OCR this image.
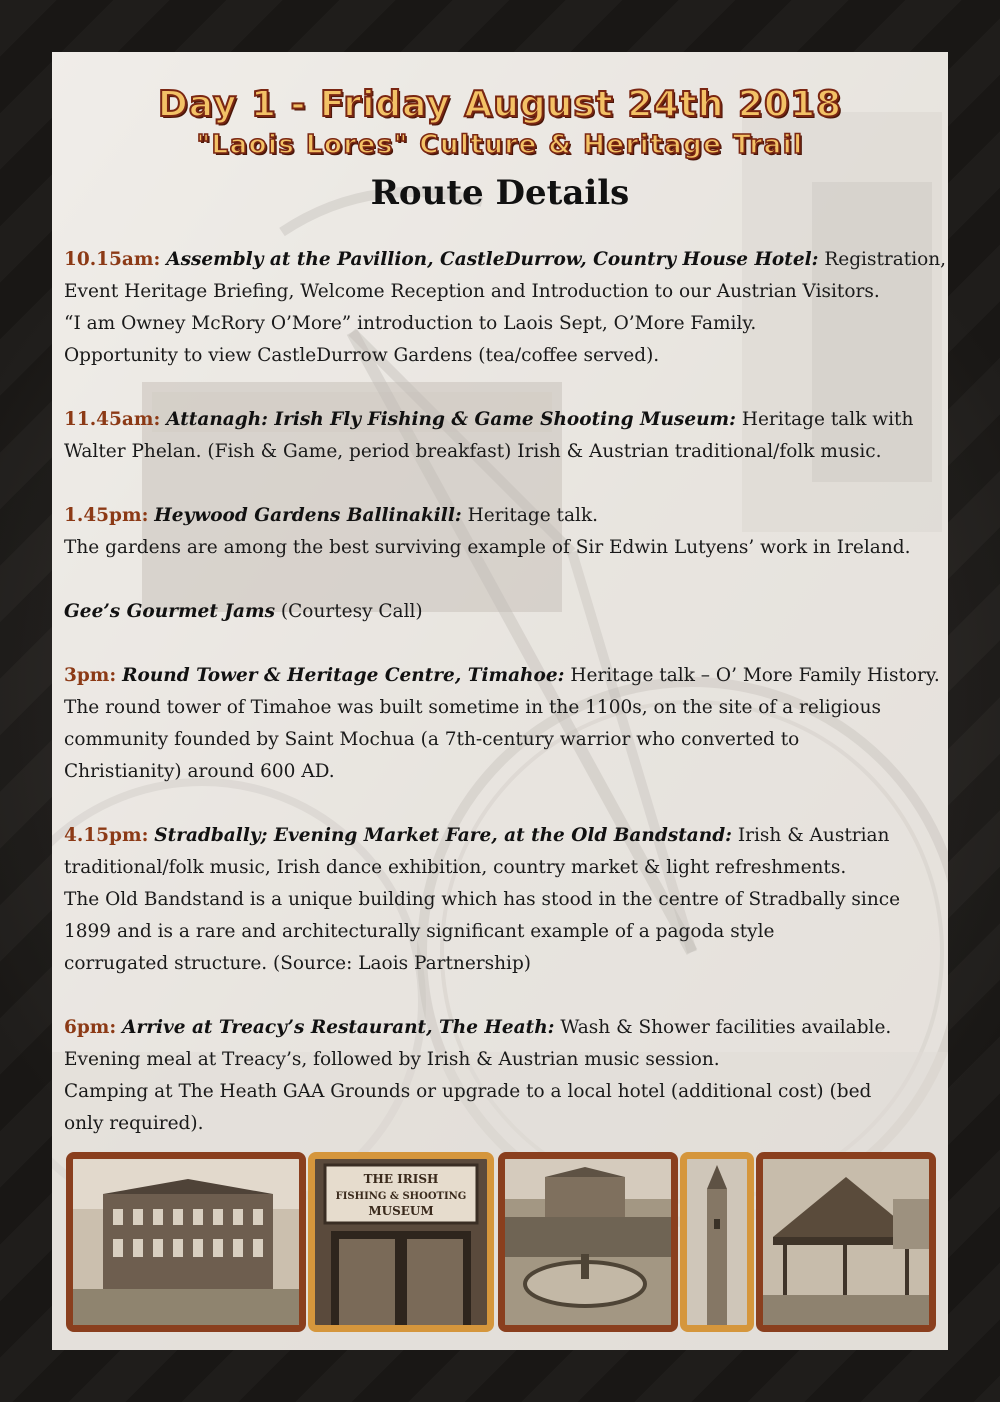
Day 1 - Friday August 24th 2018
"Laois Lores" Culture & Heritage Trail
Route Details
10.15am: Assembly at the Pavillion, CastleDurrow, Country House Hotel: Registration,
Event Heritage Briefing, Welcome Reception and Introduction to our Austrian Visitors.
“I am Owney McRory O’More” introduction to Laois Sept, O’More Family.
Opportunity to view CastleDurrow Gardens (tea/coffee served).
11.45am: Attanagh: Irish Fly Fishing & Game Shooting Museum: Heritage talk with
Walter Phelan. (Fish & Game, period breakfast) Irish & Austrian traditional/folk music.
1.45pm: Heywood Gardens Ballinakill: Heritage talk.
The gardens are among the best surviving example of Sir Edwin Lutyens’ work in Ireland.
Gee’s Gourmet Jams (Courtesy Call)
3pm: Round Tower & Heritage Centre, Timahoe: Heritage talk – O’ More Family History.
The round tower of Timahoe was built sometime in the 1100s, on the site of a religious
community founded by Saint Mochua (a 7th-century warrior who converted to
Christianity) around 600 AD.
4.15pm: Stradbally; Evening Market Fare, at the Old Bandstand: Irish & Austrian
traditional/folk music, Irish dance exhibition, country market & light refreshments.
The Old Bandstand is a unique building which has stood in the centre of Stradbally since
1899 and is a rare and architecturally significant example of a pagoda style
corrugated structure. (Source: Laois Partnership)
6pm: Arrive at Treacy’s Restaurant, The Heath: Wash & Shower facilities available.
Evening meal at Treacy’s, followed by Irish & Austrian music session.
Camping at The Heath GAA Grounds or upgrade to a local hotel (additional cost) (bed
only required).
THE IRISH
FISHING & SHOOTING
MUSEUM
